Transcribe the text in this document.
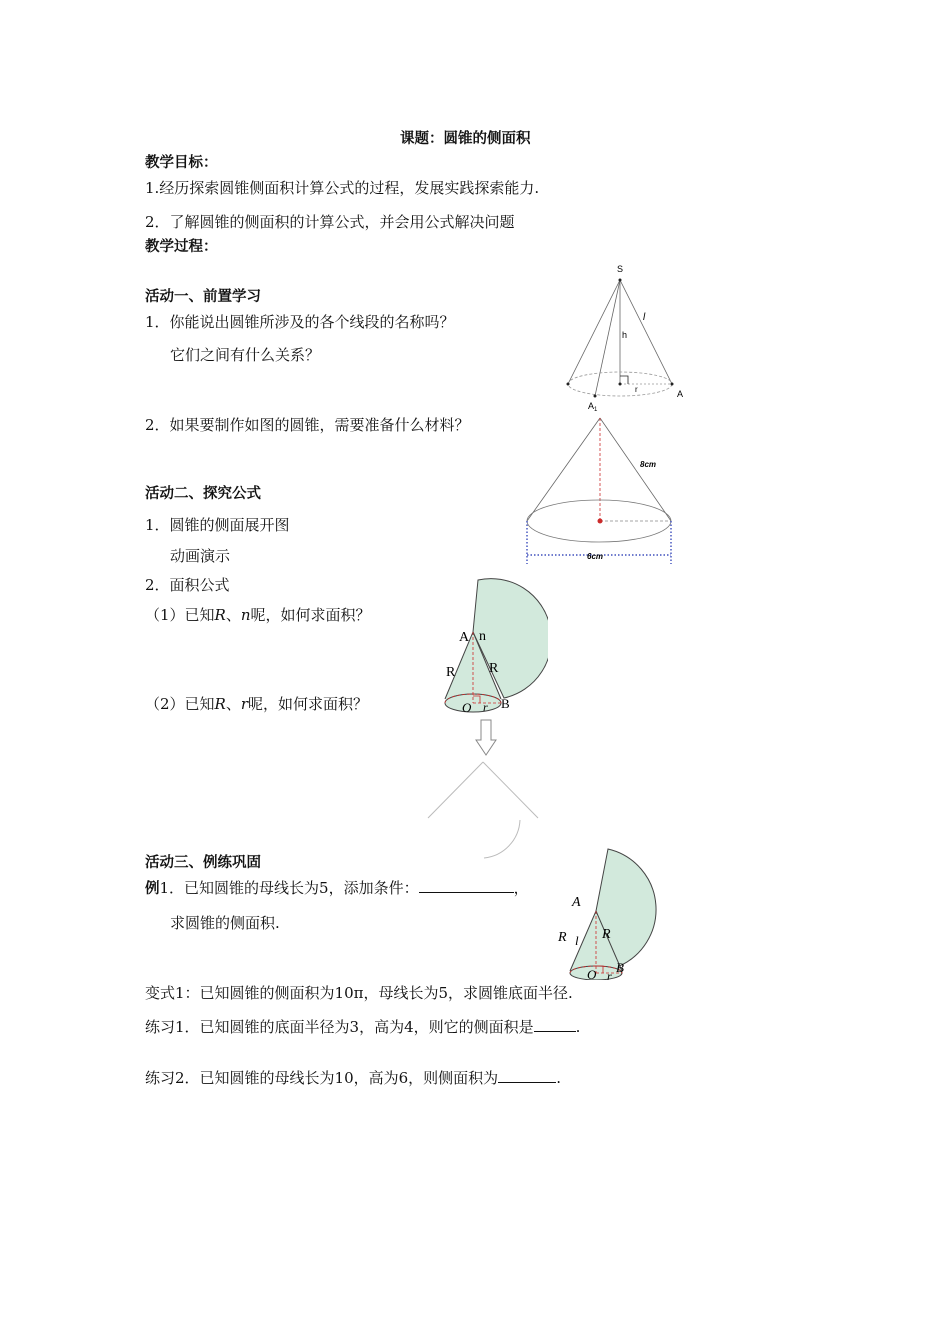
课题：圆锥的侧面积
教学目标：
1.经历探索圆锥侧面积计算公式的过程，发展实践探索能力.
2．了解圆锥的侧面积的计算公式，并会用公式解决问题
教学过程：
活动一、前置学习
1．你能说出圆锥所涉及的各个线段的名称吗？
它们之间有什么关系？
2．如果要制作如图的圆锥，需要准备什么材料？
活动二、探究公式
1．圆锥的侧面展开图
动画演示
2．面积公式
（1）已知R、n呢，如何求面积？
（2）已知R、r呢，如何求面积？
活动三、例练巩固
例1．已知圆锥的母线长为5，添加条件：	，
求圆锥的侧面积.
变式1：已知圆锥的侧面积为10π，母线长为5，求圆锥底面半径.
练习1．已知圆锥的底面半径为3，高为4，则它的侧面积是	.
练习2．已知圆锥的母线长为10，高为6，则侧面积为	.
S
l
h
r	A
$A_1$
8cm
6cm
A n
R R
O r B
A
R l R
O r
B
